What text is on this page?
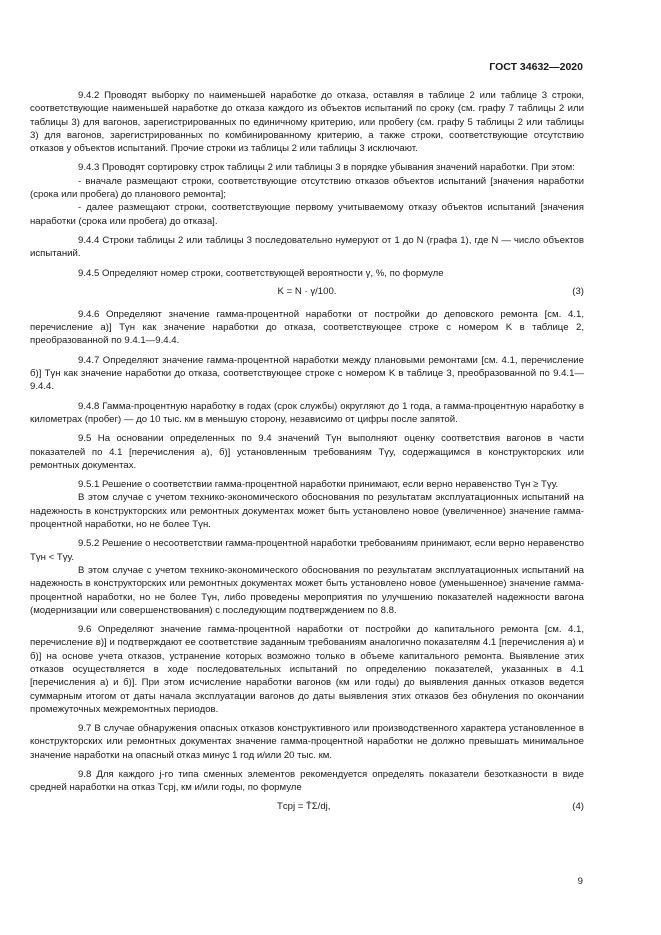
ГОСТ 34632—2020

9.4.2 Проводят выборку по наименьшей наработке до отказа, оставляя в таблице 2 или таблице 3 строки, соответствующие наименьшей наработке до отказа каждого из объектов испытаний по сроку (см. графу 7 таблицы 2 или таблицы 3) для вагонов, зарегистрированных по единичному критерию, или пробегу (см. графу 5 таблицы 2 или таблицы 3) для вагонов, зарегистрированных по комбинированному критерию, а также строки, соответствующие отсутствию отказов у объектов испытаний. Прочие строки из таблицы 2 или таблицы 3 исключают.

9.4.3 Проводят сортировку строк таблицы 2 или таблицы 3 в порядке убывания значений наработки. При этом:

- вначале размещают строки, соответствующие отсутствию отказов объектов испытаний [значения наработки (срока или пробега) до планового ремонта];

- далее размещают строки, соответствующие первому учитываемому отказу объектов испытаний [значения наработки (срока или пробега) до отказа].

9.4.4 Строки таблицы 2 или таблицы 3 последовательно нумеруют от 1 до N (графа 1), где N — число объектов испытаний.

9.4.5 Определяют номер строки, соответствующей вероятности γ, %, по формуле

K = N · γ/100.	(3)

9.4.6 Определяют значение гамма-процентной наработки от постройки до деповского ремонта [см. 4.1, перечисление а)] Tγн как значение наработки до отказа, соответствующее строке с номером K в таблице 2, преобразованной по 9.4.1—9.4.4.

9.4.7 Определяют значение гамма-процентной наработки между плановыми ремонтами [см. 4.1, перечисление б)] Tγн как значение наработки до отказа, соответствующее строке с номером K в таблице 3, преобразованной по 9.4.1—9.4.4.

9.4.8 Гамма-процентную наработку в годах (срок службы) округляют до 1 года, а гамма-процентную наработку в километрах (пробег) — до 10 тыс. км в меньшую сторону, независимо от цифры после запятой.

9.5 На основании определенных по 9.4 значений Tγн выполняют оценку соответствия вагонов в части показателей по 4.1 [перечисления а), б)] установленным требованиям Tγу, содержащимся в конструкторских или ремонтных документах.

9.5.1 Решение о соответствии гамма-процентной наработки принимают, если верно неравенство Tγн ≥ Tγу.

В этом случае с учетом технико-экономического обоснования по результатам эксплуатационных испытаний на надежность в конструкторских или ремонтных документах может быть установлено новое (увеличенное) значение гамма-процентной наработки, но не более Tγн.

9.5.2 Решение о несоответствии гамма-процентной наработки требованиям принимают, если верно неравенство Tγн < Tγу.

В этом случае с учетом технико-экономического обоснования по результатам эксплуатационных испытаний на надежность в конструкторских или ремонтных документах может быть установлено новое (уменьшенное) значение гамма-процентной наработки, но не более Tγн, либо проведены мероприятия по улучшению показателей надежности вагона (модернизации или совершенствования) с последующим подтверждением по 8.8.

9.6 Определяют значение гамма-процентной наработки от постройки до капитального ремонта [см. 4.1, перечисление в)] и подтверждают ее соответствие заданным требованиям аналогично показателям 4.1 [перечисления а) и б)] на основе учета отказов, устранение которых возможно только в объеме капитального ремонта. Выявление этих отказов осуществляется в ходе последовательных испытаний по определению показателей, указанных в 4.1 [перечисления а) и б)]. При этом исчисление наработки вагонов (км или годы) до выявления данных отказов ведется суммарным итогом от даты начала эксплуатации вагонов до даты выявления этих отказов без обнуления по окончании промежуточных межремонтных периодов.

9.7 В случае обнаружения опасных отказов конструктивного или производственного характера установленное в конструкторских или ремонтных документах значение гамма-процентной наработки не должно превышать минимальное значение наработки на опасный отказ минус 1 год и/или 20 тыс. км.

9.8 Для каждого j-го типа сменных элементов рекомендуется определять показатели безотказности в виде средней наработки на отказ Tсрj, км и/или годы, по формуле

Tсрj = T̄Σ/dj,	(4)
9
